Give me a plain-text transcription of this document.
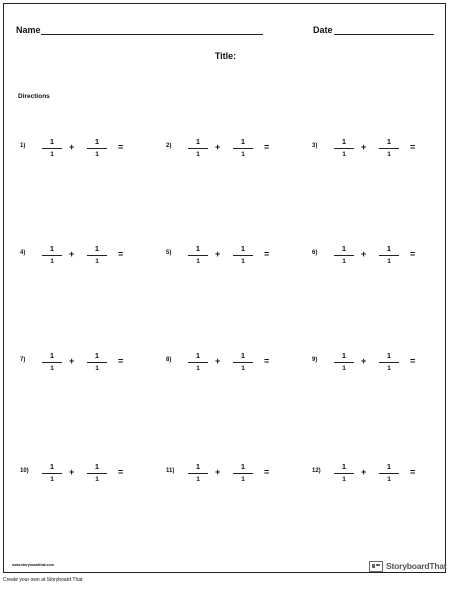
Name	Date
Title:
Directions
1)	1
1
+
1
1
=	2)	1
1
+
1
1
=	3)	1
1
+
1
1
=
4)	1
1
+
1
1
=	5)	1
1
+
1
1
=	6)	1
1
+
1
1
=
7)	1
1
+
1
1
=	8)	1
1
+
1
1
=	9)	1
1
+
1
1
=
10)	1
1
+
1
1
=	11)	1
1
+
1
1
=	12)	1
1
+
1
1
=
www.storyboardthat.com	StoryboardThat
Create your own at Storyboard That
